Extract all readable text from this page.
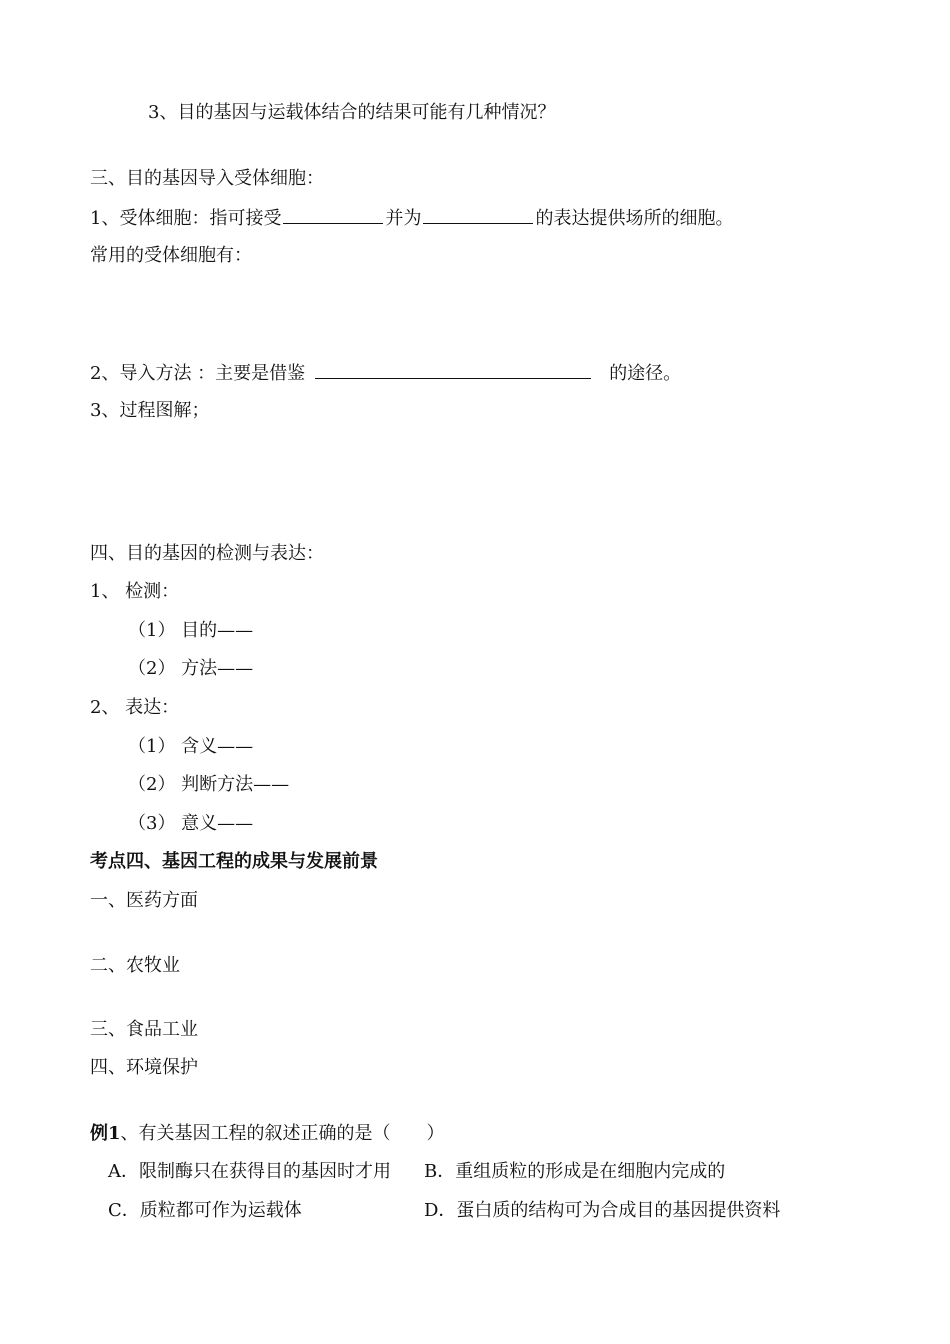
3、目的基因与运载体结合的结果可能有几种情况？
三、目的基因导入受体细胞：
1、受体细胞：指可接受	并为	的表达提供场所的细胞。
常用的受体细胞有：
2、导入方法 ：主要是借鉴	的途径。
3、过程图解；
四、目的基因的检测与表达：
1、 检测：
（1） 目的——
（2） 方法——
2、 表达：
（1） 含义——
（2） 判断方法——
（3） 意义——
考点四、基因工程的成果与发展前景
一、医药方面
二、农牧业
三、食品工业
四、环境保护
例1、有关基因工程的叙述正确的是（　　）
A．限制酶只在获得目的基因时才用 B．重组质粒的形成是在细胞内完成的
C．质粒都可作为运载体	D．蛋白质的结构可为合成目的基因提供资料
